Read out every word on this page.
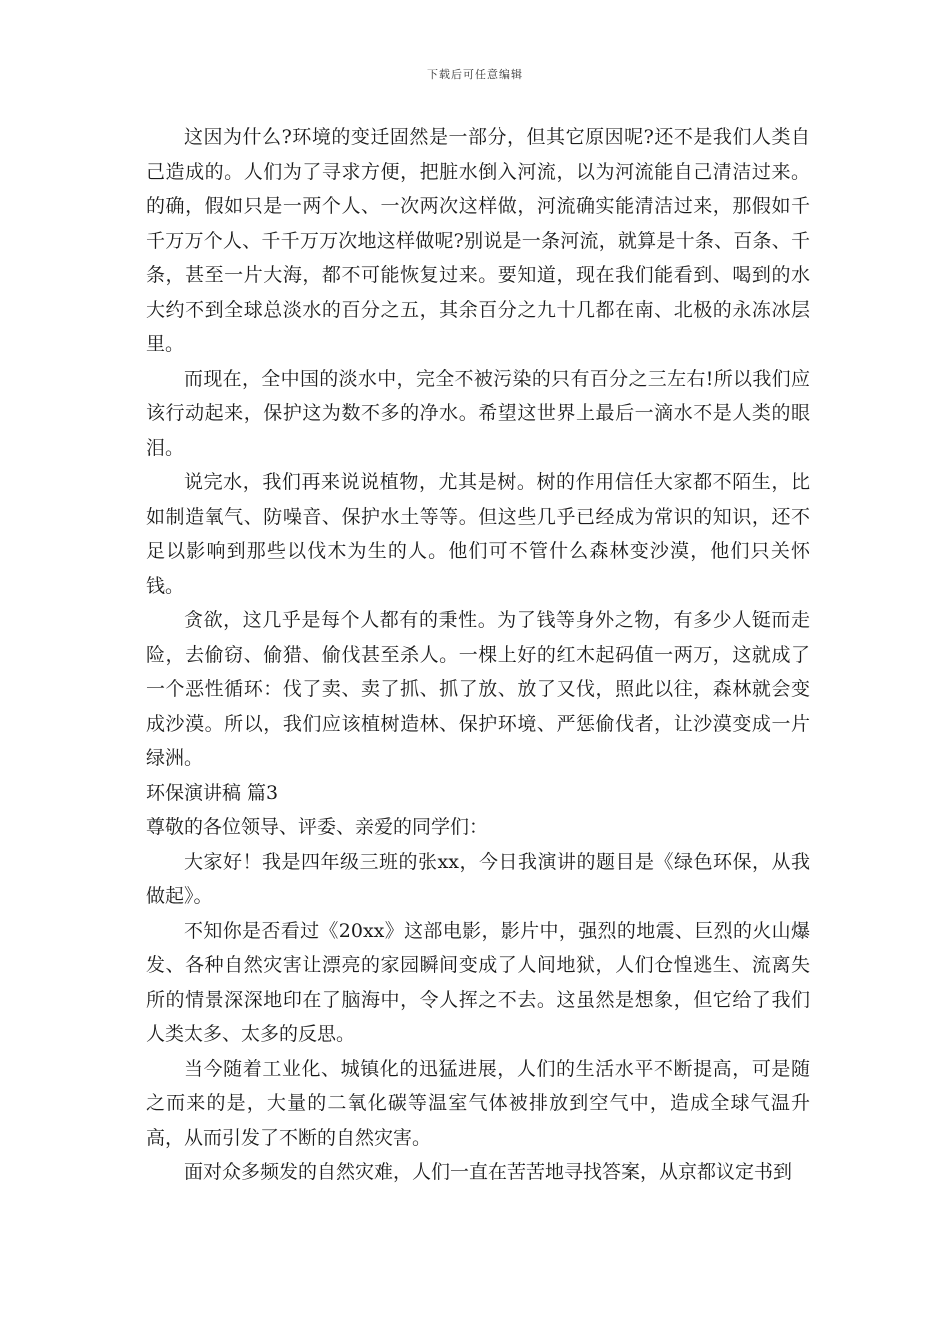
下载后可任意编辑

这因为什么?环境的变迁固然是一部分，但其它原因呢?还不是我们人类自己造成的。人们为了寻求方便，把脏水倒入河流，以为河流能自己清洁过来。的确，假如只是一两个人、一次两次这样做，河流确实能清洁过来，那假如千千万万个人、千千万万次地这样做呢?别说是一条河流，就算是十条、百条、千条，甚至一片大海，都不可能恢复过来。要知道，现在我们能看到、喝到的水大约不到全球总淡水的百分之五，其余百分之九十几都在南、北极的永冻冰层里。

而现在，全中国的淡水中，完全不被污染的只有百分之三左右!所以我们应该行动起来，保护这为数不多的净水。希望这世界上最后一滴水不是人类的眼泪。

说完水，我们再来说说植物，尤其是树。树的作用信任大家都不陌生，比如制造氧气、防噪音、保护水土等等。但这些几乎已经成为常识的知识，还不足以影响到那些以伐木为生的人。他们可不管什么森林变沙漠，他们只关怀钱。

贪欲，这几乎是每个人都有的秉性。为了钱等身外之物，有多少人铤而走险，去偷窃、偷猎、偷伐甚至杀人。一棵上好的红木起码值一两万，这就成了一个恶性循环：伐了卖、卖了抓、抓了放、放了又伐，照此以往，森林就会变成沙漠。所以，我们应该植树造林、保护环境、严惩偷伐者，让沙漠变成一片绿洲。

环保演讲稿 篇3

尊敬的各位领导、评委、亲爱的同学们：

大家好！我是四年级三班的张xx，今日我演讲的题目是《绿色环保，从我做起》。

不知你是否看过《20xx》这部电影，影片中，强烈的地震、巨烈的火山爆发、各种自然灾害让漂亮的家园瞬间变成了人间地狱，人们仓惶逃生、流离失所的情景深深地印在了脑海中，令人挥之不去。这虽然是想象，但它给了我们人类太多、太多的反思。

当今随着工业化、城镇化的迅猛进展，人们的生活水平不断提高，可是随之而来的是，大量的二氧化碳等温室气体被排放到空气中，造成全球气温升高，从而引发了不断的自然灾害。

面对众多频发的自然灾难，人们一直在苦苦地寻找答案，从京都议定书到
